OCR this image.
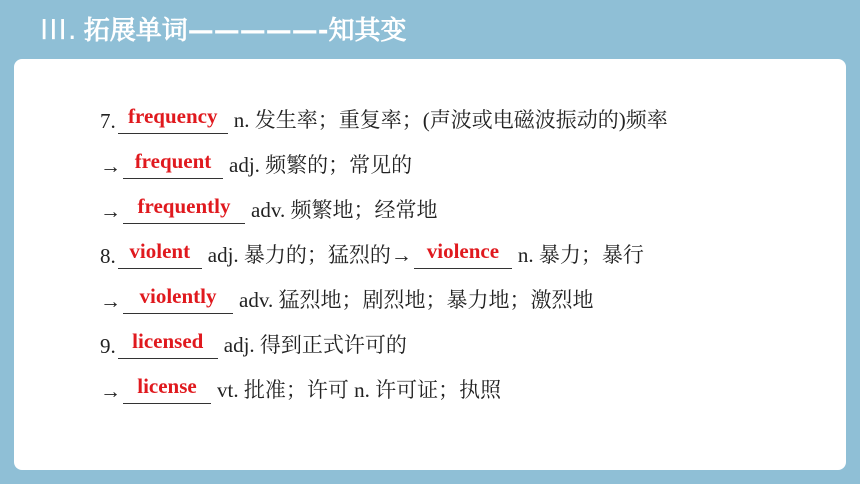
III. 拓展单词—————-知其变
7. frequency n. 发生率；重复率；(声波或电磁波振动的)频率
→ frequent adj. 频繁的；常见的
→ frequently adv. 频繁地；经常地
8. violent adj. 暴力的；猛烈的→ violence n. 暴力；暴行
→ violently	adv. 猛烈地；剧烈地；暴力地；激烈地
9. licensed adj. 得到正式许可的
→ license vt. 批准；许可 n. 许可证；执照
